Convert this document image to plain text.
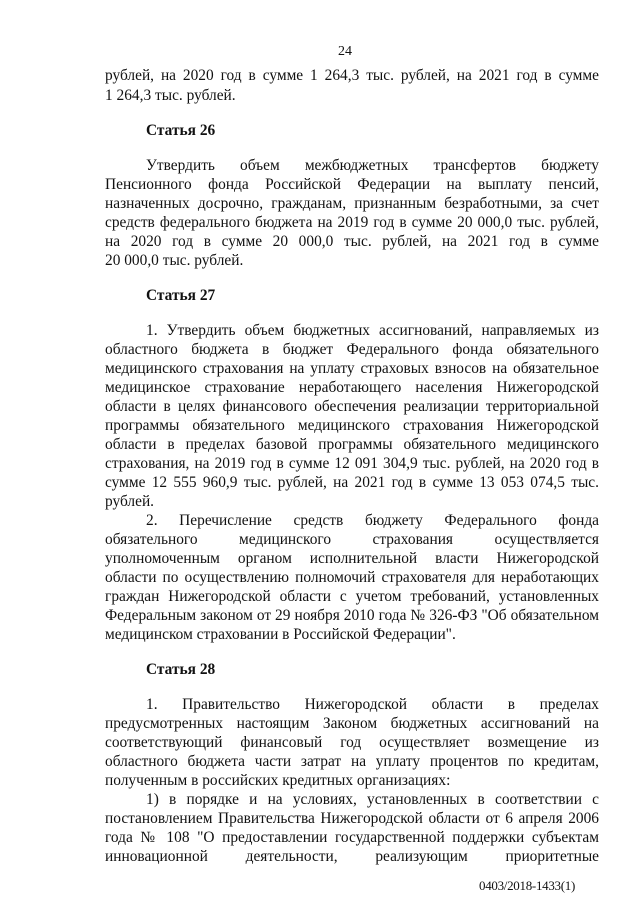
24
рублей, на 2020 год в сумме 1 264,3 тыс. рублей, на 2021 год в сумме
1 264,3 тыс. рублей.
Статья 26
Утвердить объем межбюджетных трансфертов бюджету
Пенсионного фонда Российской Федерации на выплату пенсий,
назначенных досрочно, гражданам, признанным безработными, за счет
средств федерального бюджета на 2019 год в сумме 20 000,0 тыс. рублей,
на 2020 год в сумме 20 000,0 тыс. рублей, на 2021 год в сумме
20 000,0 тыс. рублей.
Статья 27
1. Утвердить объем бюджетных ассигнований, направляемых из
областного бюджета в бюджет Федерального фонда обязательного
медицинского страхования на уплату страховых взносов на обязательное
медицинское страхование неработающего населения Нижегородской
области в целях финансового обеспечения реализации территориальной
программы обязательного медицинского страхования Нижегородской
области в пределах базовой программы обязательного медицинского
страхования, на 2019 год в сумме 12 091 304,9 тыс. рублей, на 2020 год в
сумме 12 555 960,9 тыс. рублей, на 2021 год в сумме 13 053 074,5 тыс.
рублей.
2. Перечисление средств бюджету Федерального фонда
обязательного медицинского страхования осуществляется
уполномоченным органом исполнительной власти Нижегородской
области по осуществлению полномочий страхователя для неработающих
граждан Нижегородской области с учетом требований, установленных
Федеральным законом от 29 ноября 2010 года № 326-ФЗ "Об обязательном
медицинском страховании в Российской Федерации".
Статья 28
1. Правительство Нижегородской области в пределах
предусмотренных настоящим Законом бюджетных ассигнований на
соответствующий финансовый год осуществляет возмещение из
областного бюджета части затрат на уплату процентов по кредитам,
полученным в российских кредитных организациях:
1) в порядке и на условиях, установленных в соответствии с
постановлением Правительства Нижегородской области от 6 апреля 2006
года № 108 "О предоставлении государственной поддержки субъектам
0403/2018-1433(1)
инновационной деятельности, реализующим приоритетные
